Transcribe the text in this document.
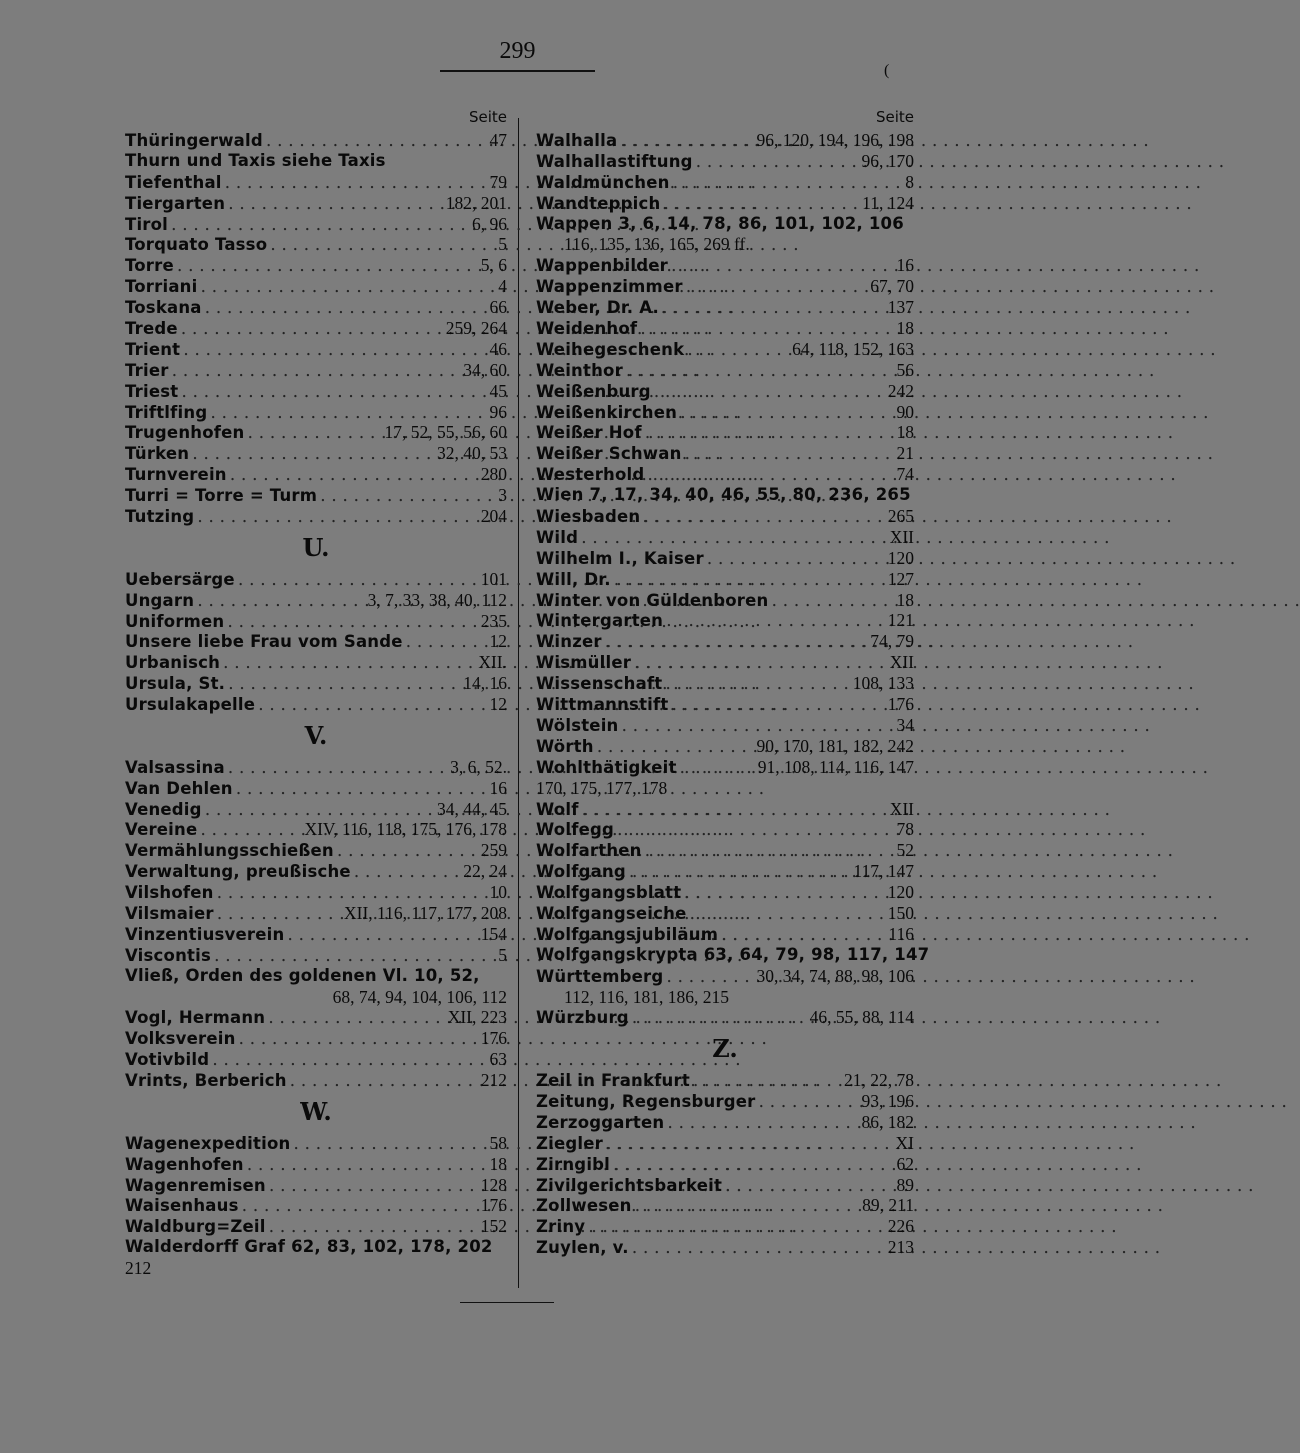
299
(
Seite
Thüringerwald . . .	47
Thurn und Taxis siehe Taxis
Tiefenthal . . .	79
Tiergarten . . .	182, 201
Tirol . . .	6, 96
Torquato Tasso . . .	5
Torre . . .	5, 6
Torriani . . .	4
Toskana . . .	66
Trede . . .	259, 264
Trient . . .	46
Trier . . .	34, 60
Triest . . .	45
Triftlfing . . .	96
Trugenhofen . . .	17, 52, 55, 56, 60
Türken . . .	32, 40, 53
Turnverein . . .	280
Turri = Torre = Turm . . .	3
Tutzing . . .	204
U.
Uebersärge . . .	101
Ungarn . . .	3, 7, 33, 38, 40, 112
Uniformen . . .	235
Unsere liebe Frau vom Sande . . .	12
Urbanisch . . .	XII.
Ursula, St. . . .	14, 16
Ursulakapelle . . .	12
V.
Valsassina . . .	3, 6, 52.
Van Dehlen . . .	16
Venedig . . .	34, 44, 45
Vereine . . .	XIV, 116, 118, 175, 176, 178
Vermählungsschießen . . .	259
Verwaltung, preußische . . .	22, 24
Vilshofen . . .	10
Vilsmaier . . .	XII, 116, 117, 177, 208
Vinzentiusverein . . .	154
Viscontis . . .	5
Vließ, Orden des goldenen Vl. 10, 52,
68, 74, 94, 104, 106, 112
Vogl, Hermann . . .	XII, 223
Volksverein . . .	176
Votivbild . . .	63
Vrints, Berberich . . .	212
W.
Wagenexpedition . . .	58
Wagenhofen . . .	18
Wagenremisen . . .	128
Waisenhaus . . .	176
Waldburg=Zeil . . .	152
Walderdorff Graf 62, 83, 102, 178, 202
212
Seite
Walhalla . . .	96, 120, 194, 196, 198
Walhallastiftung . . .	96, 170
Waldmünchen . . .	8
Wandteppich . . .	11, 124
Wappen 3, 6, 14, 78, 86, 101, 102, 106
116, 135, 136, 165, 269 ff.
Wappenbilder . . .	16
Wappenzimmer . . .	67, 70
Weber, Dr. A. . . .	137
Weidenhof . . .	18
Weihegeschenk . . .	64, 118, 152, 163
Weinthor . . .	56
Weißenburg . . .	242
Weißenkirchen . . .	90
Weißer Hof . . .	18
Weißer Schwan . . .	21
Westerhold . . .	74
Wien 7, 17, 34, 40, 46, 55, 80, 236, 265
Wiesbaden . . .	265
Wild . . .	XII
Wilhelm I., Kaiser . . .	120
Will, Dr. . . .	127
Winter von Güldenboren . . .	18
Wintergarten . . .	121
Winzer . . .	74, 79
Wismüller . . .	XII
Wissenschaft . . .	108, 133
Wittmannstift . . .	176
Wölstein . . .	34
Wörth . . .	90, 170, 181, 182, 242
Wohlthätigkeit . . .	91, 108, 114, 116, 147
170, 175, 177, 178
Wolf . . .	XII
Wolfegg . . .	78
Wolfarthen . . .	52
Wolfgang . . .	117, 147
Wolfgangsblatt . . .	120
Wolfgangseiche . . .	150
Wolfgangsjubiläum . . .	116
Wolfgangskrypta 63, 64, 79, 98, 117, 147
Württemberg . . .	30, 34, 74, 88, 98, 106
112, 116, 181, 186, 215
Würzburg . . .	46, 55, 88, 114
Z.
Zeil in Frankfurt . . .	21, 22, 78
Zeitung, Regensburger . . .	93, 196
Zerzoggarten . . .	86, 182
Ziegler . . .	XI
Zirngibl . . .	62
Zivilgerichtsbarkeit . . .	89
Zollwesen . . .	89, 211
Zriny . . .	226
Zuylen, v. . . .	213
